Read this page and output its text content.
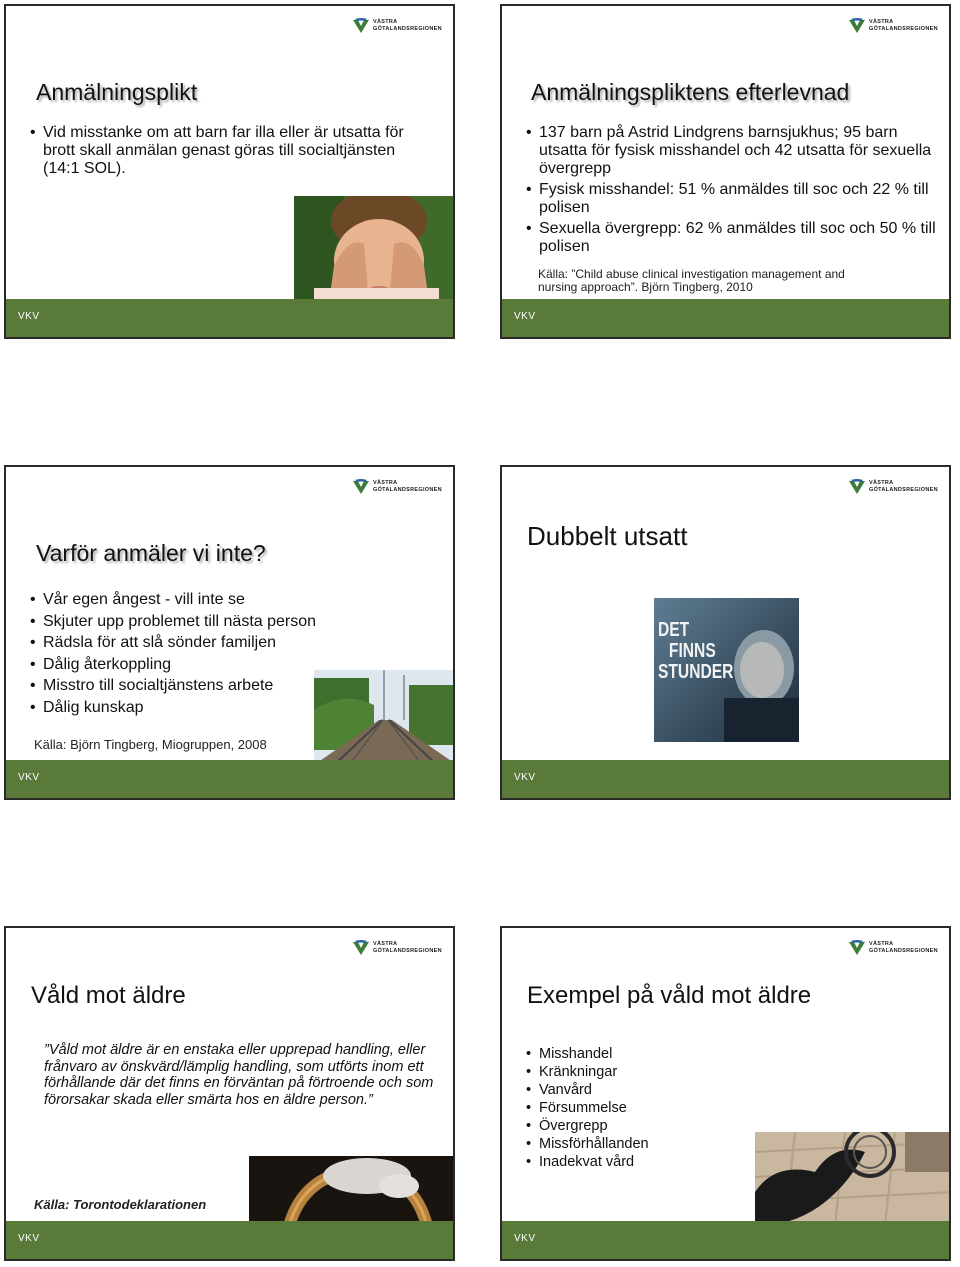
VÄSTRA
GÖTALANDSREGIONEN
Anmälningsplikt
• Vid misstanke om att barn far illa eller är utsatta för brott skall anmälan genast göras till socialtjänsten (14:1 SOL).
VKV
VÄSTRA
GÖTALANDSREGIONEN
Anmälningspliktens efterlevnad
• 137 barn på Astrid Lindgrens barnsjukhus; 95 barn utsatta för fysisk misshandel och 42 utsatta för sexuella övergrepp
• Fysisk misshandel: 51 % anmäldes till soc och 22 % till polisen
• Sexuella övergrepp: 62 % anmäldes till soc och 50 % till polisen
Källa: ”Child abuse clinical investigation management and
nursing approach”. Björn Tingberg, 2010
VKV
VÄSTRA
GÖTALANDSREGIONEN
Varför anmäler vi inte?
• Vår egen ångest - vill inte se
• Skjuter upp problemet till nästa person
• Rädsla för att slå sönder familjen
• Dålig återkoppling
• Misstro till socialtjänstens arbete
• Dålig kunskap
Källa: Björn Tingberg, Miogruppen, 2008
VKV
VÄSTRA
GÖTALANDSREGIONEN
Dubbelt utsatt
DET
FINNS
STUNDER
VKV
VÄSTRA
GÖTALANDSREGIONEN
Våld mot äldre
”Våld mot äldre är en enstaka eller upprepad handling, eller frånvaro av önskvärd/lämplig handling, som utförts inom ett förhållande där det finns en förväntan på förtroende och som förorsakar skada eller smärta hos en äldre person.”
Källa: Torontodeklarationen
VKV
VÄSTRA
GÖTALANDSREGIONEN
Exempel på våld mot äldre
• Misshandel
• Kränkningar
• Vanvård
• Försummelse
• Övergrepp
• Missförhållanden
• Inadekvat vård
VKV
